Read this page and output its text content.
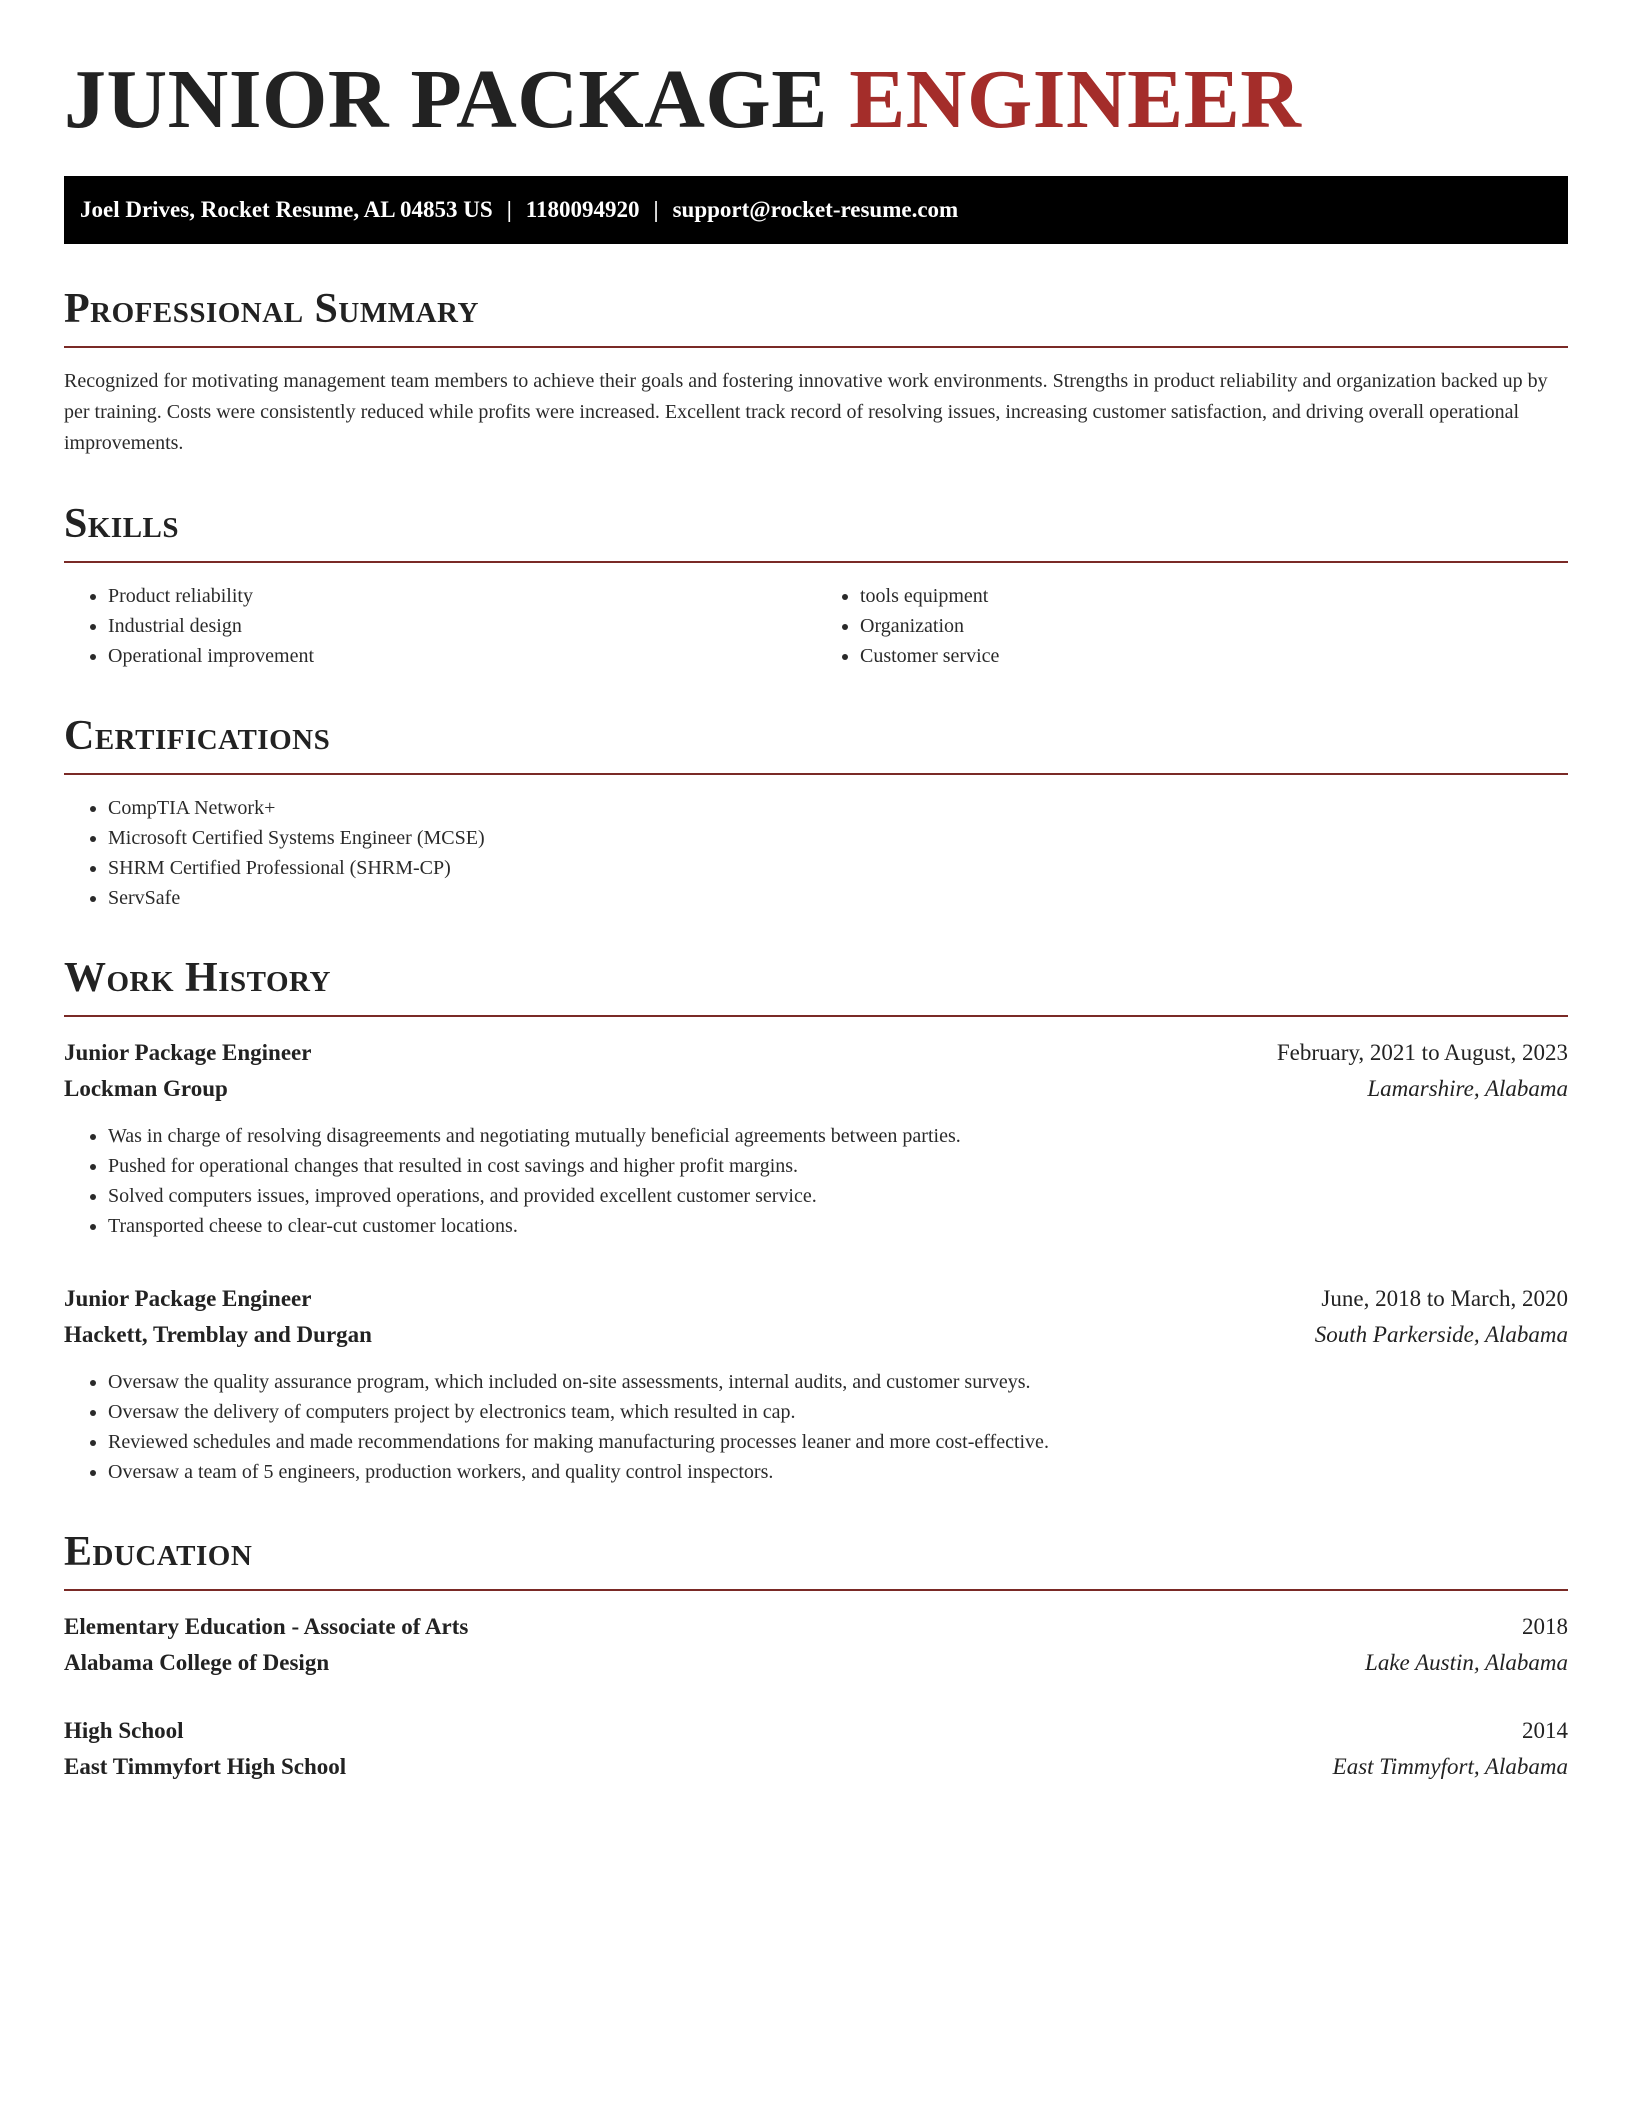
JUNIOR PACKAGE ENGINEER
Joel Drives, Rocket Resume, AL 04853 US | 1180094920 | support@rocket-resume.com
Professional Summary

Recognized for motivating management team members to achieve their goals and fostering innovative work environments. Strengths in product reliability and organization backed up by per training. Costs were consistently reduced while profits were increased. Excellent track record of resolving issues, increasing customer satisfaction, and driving overall operational improvements.

Skills
• Product reliability
• Industrial design
• Operational improvement
• tools equipment
• Organization
• Customer service
Certifications
• CompTIA Network+
• Microsoft Certified Systems Engineer (MCSE)
• SHRM Certified Professional (SHRM-CP)
• ServSafe
Work History
Junior Package Engineer	February, 2021 to August, 2023
Lockman Group	Lamarshire, Alabama
• Was in charge of resolving disagreements and negotiating mutually beneficial agreements between parties.
• Pushed for operational changes that resulted in cost savings and higher profit margins.
• Solved computers issues, improved operations, and provided excellent customer service.
• Transported cheese to clear-cut customer locations.
Junior Package Engineer	June, 2018 to March, 2020
Hackett, Tremblay and Durgan	South Parkerside, Alabama
• Oversaw the quality assurance program, which included on-site assessments, internal audits, and customer surveys.
• Oversaw the delivery of computers project by electronics team, which resulted in cap.
• Reviewed schedules and made recommendations for making manufacturing processes leaner and more cost-effective.
• Oversaw a team of 5 engineers, production workers, and quality control inspectors.
Education
Elementary Education - Associate of Arts	2018
Alabama College of Design	Lake Austin, Alabama
High School	2014
East Timmyfort High School	East Timmyfort, Alabama
